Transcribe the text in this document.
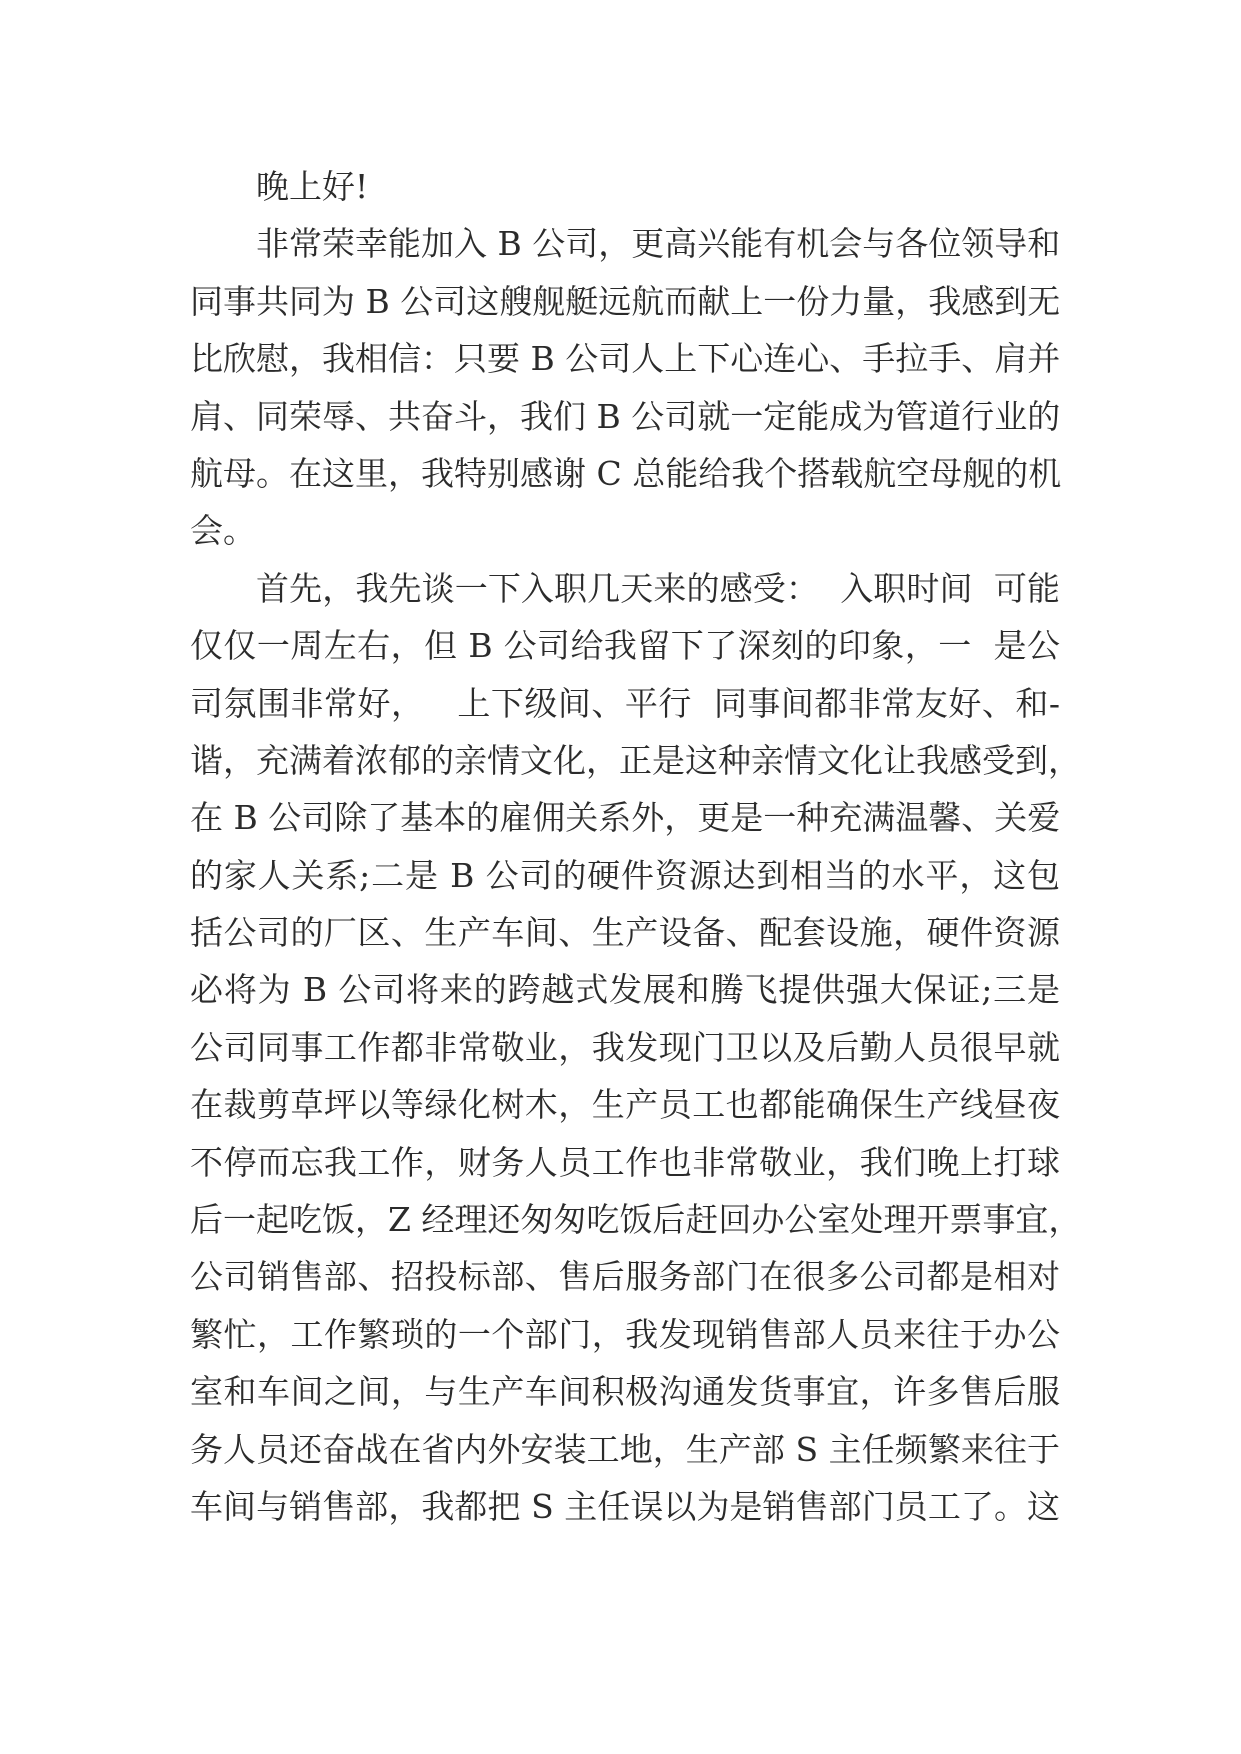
晚上好!
非常荣幸能加入 B 公司，更高兴能有机会与各位领导和
同事共同为 B 公司这艘舰艇远航而献上一份力量，我感到无
比欣慰，我相信：只要 B 公司人上下心连心、手拉手、肩并
肩、同荣辱、共奋斗，我们 B 公司就一定能成为管道行业的
航母。在这里，我特别感谢 C 总能给我个搭载航空母舰的机
会。
首先，我先谈一下入职几天来的感受：  入职时间  可能
仅仅一周左右，但 B 公司给我留下了深刻的印象，一  是公
司氛围非常好，   上下级间、平行  同事间都非常友好、和-
谐，充满着浓郁的亲情文化，正是这种亲情文化让我感受到，
在 B 公司除了基本的雇佣关系外，更是一种充满温馨、关爱
的家人关系;二是 B 公司的硬件资源达到相当的水平，这包
括公司的厂区、生产车间、生产设备、配套设施，硬件资源
必将为 B 公司将来的跨越式发展和腾飞提供强大保证;三是
公司同事工作都非常敬业，我发现门卫以及后勤人员很早就
在裁剪草坪以等绿化树木，生产员工也都能确保生产线昼夜
不停而忘我工作，财务人员工作也非常敬业，我们晚上打球
后一起吃饭，Z 经理还匆匆吃饭后赶回办公室处理开票事宜，
公司销售部、招投标部、售后服务部门在很多公司都是相对
繁忙，工作繁琐的一个部门，我发现销售部人员来往于办公
室和车间之间，与生产车间积极沟通发货事宜，许多售后服
务人员还奋战在省内外安装工地，生产部 S 主任频繁来往于
车间与销售部，我都把 S 主任误以为是销售部门员工了。这
